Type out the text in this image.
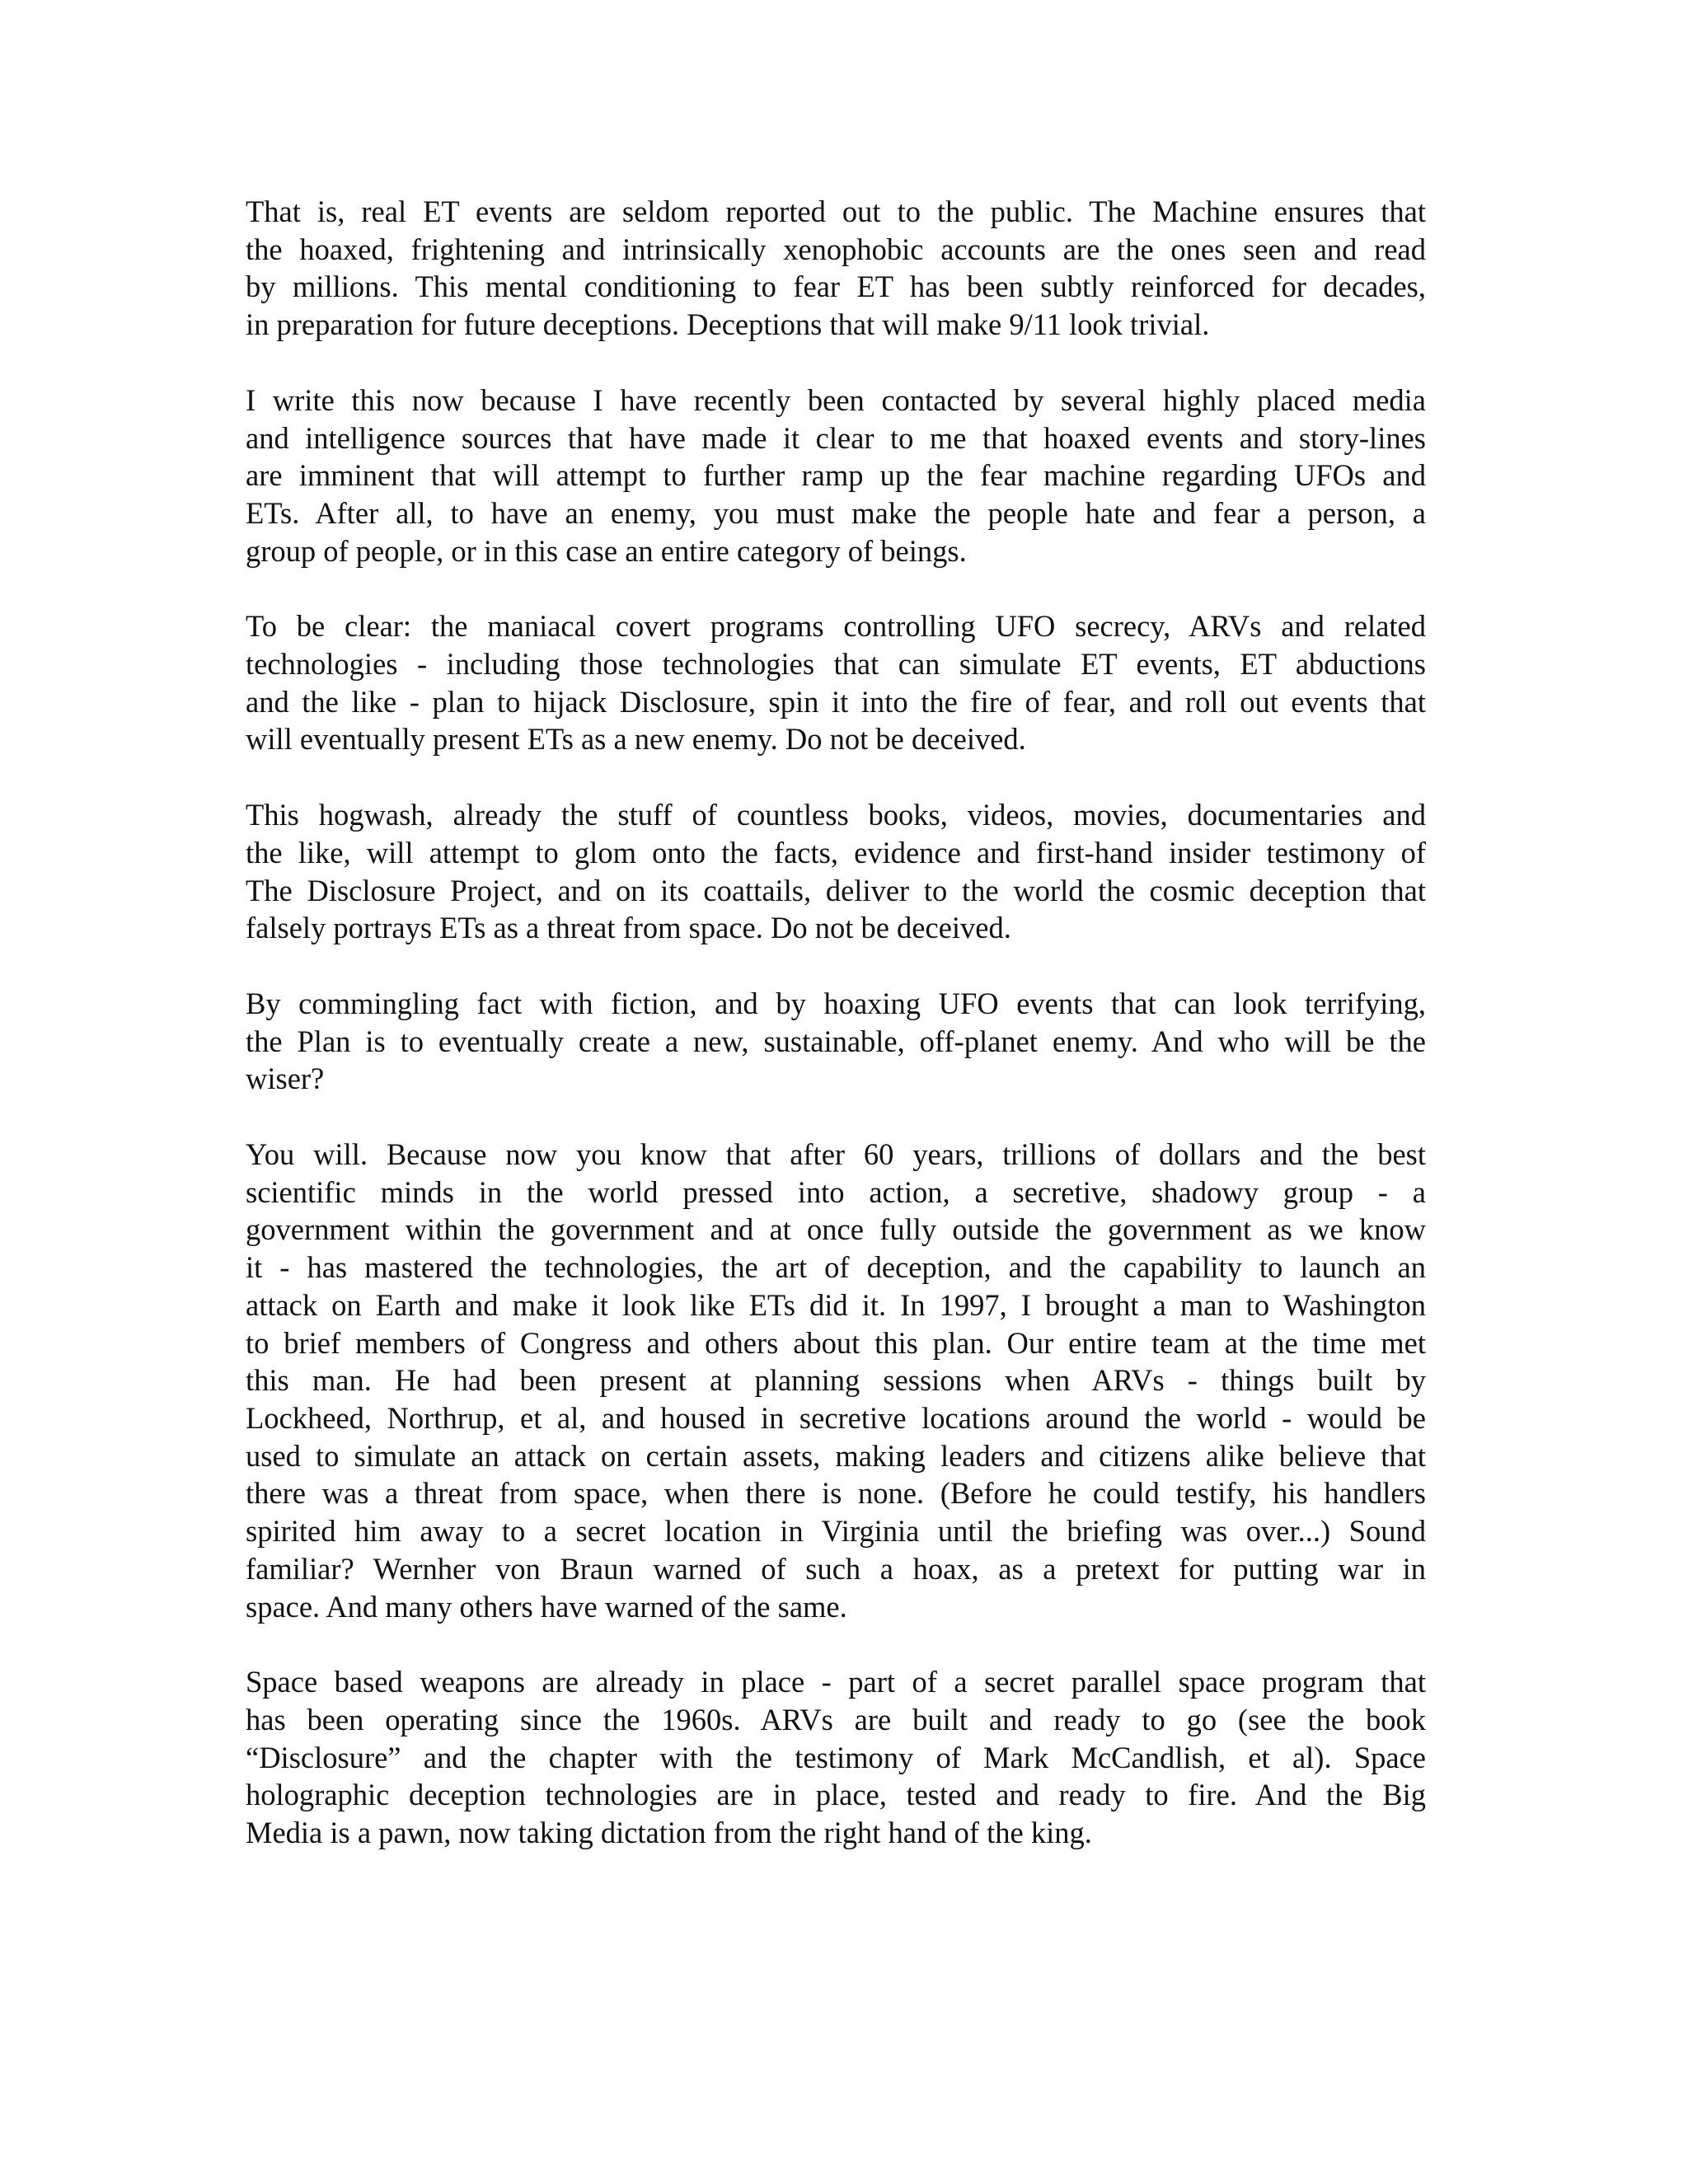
That is, real ET events are seldom reported out to the public. The Machine ensures that
the hoaxed, frightening and intrinsically xenophobic accounts are the ones seen and read
by millions. This mental conditioning to fear ET has been subtly reinforced for decades,
in preparation for future deceptions. Deceptions that will make 9/11 look trivial.

I write this now because I have recently been contacted by several highly placed media
and intelligence sources that have made it clear to me that hoaxed events and story-lines
are imminent that will attempt to further ramp up the fear machine regarding UFOs and
ETs. After all, to have an enemy, you must make the people hate and fear a person, a
group of people, or in this case an entire category of beings.

To be clear: the maniacal covert programs controlling UFO secrecy, ARVs and related
technologies - including those technologies that can simulate ET events, ET abductions
and the like - plan to hijack Disclosure, spin it into the fire of fear, and roll out events that
will eventually present ETs as a new enemy. Do not be deceived.

This hogwash, already the stuff of countless books, videos, movies, documentaries and
the like, will attempt to glom onto the facts, evidence and first-hand insider testimony of
The Disclosure Project, and on its coattails, deliver to the world the cosmic deception that
falsely portrays ETs as a threat from space. Do not be deceived.

By commingling fact with fiction, and by hoaxing UFO events that can look terrifying,
the Plan is to eventually create a new, sustainable, off-planet enemy. And who will be the
wiser?

You will. Because now you know that after 60 years, trillions of dollars and the best
scientific minds in the world pressed into action, a secretive, shadowy group - a
government within the government and at once fully outside the government as we know
it - has mastered the technologies, the art of deception, and the capability to launch an
attack on Earth and make it look like ETs did it. In 1997, I brought a man to Washington
to brief members of Congress and others about this plan. Our entire team at the time met
this man. He had been present at planning sessions when ARVs - things built by
Lockheed, Northrup, et al, and housed in secretive locations around the world - would be
used to simulate an attack on certain assets, making leaders and citizens alike believe that
there was a threat from space, when there is none. (Before he could testify, his handlers
spirited him away to a secret location in Virginia until the briefing was over...) Sound
familiar? Wernher von Braun warned of such a hoax, as a pretext for putting war in
space. And many others have warned of the same.

Space based weapons are already in place - part of a secret parallel space program that
has been operating since the 1960s. ARVs are built and ready to go (see the book
“Disclosure” and the chapter with the testimony of Mark McCandlish, et al). Space
holographic deception technologies are in place, tested and ready to fire. And the Big
Media is a pawn, now taking dictation from the right hand of the king.
